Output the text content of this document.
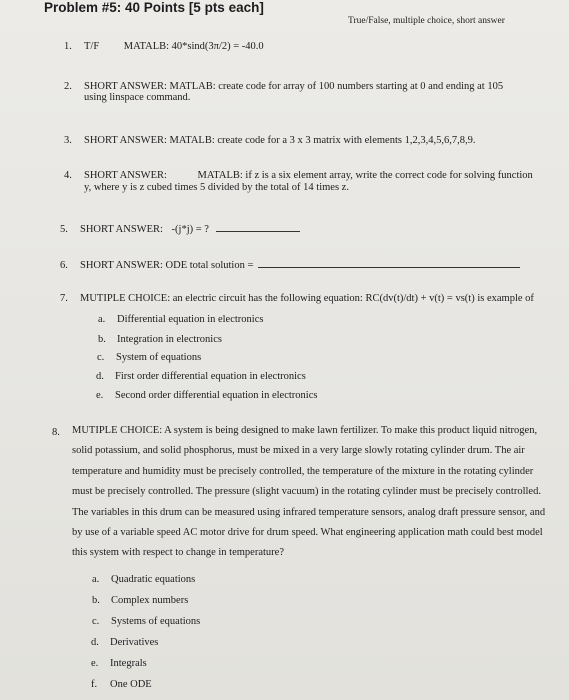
Problem #5: 40 Points [5 pts each]
True/False, multiple choice, short answer
1. T/F MATALB: 40*sind(3π/2) = -40.0
2. SHORT ANSWER: MATLAB: create code for array of 100 numbers starting at 0 and ending at 105
using linspace command.
3. SHORT ANSWER: MATALB: create code for a 3 x 3 matrix with elements 1,2,3,4,5,6,7,8,9.
4. SHORT ANSWER:	MATALB: if z is a six element array, write the correct code for solving function
y, where y is z cubed times 5 divided by the total of 14 times z.
5. SHORT ANSWER: -(j*j) = ?
6. SHORT ANSWER: ODE total solution =
7. MUTIPLE CHOICE: an electric circuit has the following equation: RC(dv(t)/dt) + v(t) = vs(t) is example of
a. Differential equation in electronics
b. Integration in electronics
c. System of equations
d. First order differential equation in electronics
e. Second order differential equation in electronics
8. MUTIPLE CHOICE: A system is being designed to make lawn fertilizer. To make this product liquid nitrogen, solid potassium, and solid phosphorus, must be mixed in a very large slowly rotating cylinder drum. The air temperature and humidity must be precisely controlled, the temperature of the mixture in the rotating cylinder must be precisely controlled. The pressure (slight vacuum) in the rotating cylinder must be precisely controlled. The variables in this drum can be measured using infrared temperature sensors, analog draft pressure sensor, and by use of a variable speed AC motor drive for drum speed. What engineering application math could best model this system with respect to change in temperature?
a. Quadratic equations
b. Complex numbers
c. Systems of equations
d. Derivatives
e. Integrals
f. One ODE
